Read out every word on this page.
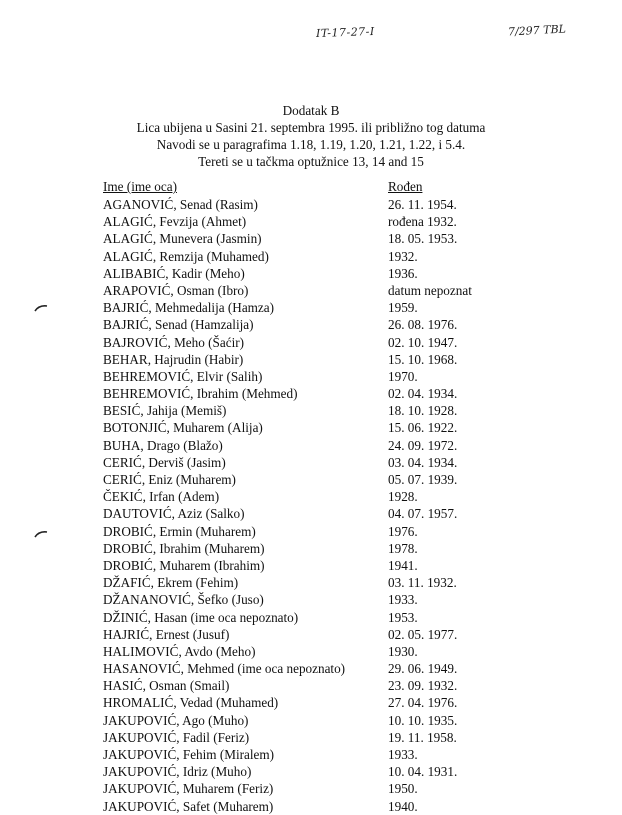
IT-17-27-I	7/297 TBL
Dodatak B
Lica ubijena u Sasini 21. septembra 1995. ili približno tog datuma
Navodi se u paragrafima 1.18, 1.19, 1.20, 1.21, 1.22, i 5.4.
Tereti se u tačkma optužnice 13, 14 and 15
Ime (ime oca)	Rođen
AGANOVIĆ, Senad (Rasim)	26. 11. 1954.
ALAGIĆ, Fevzija (Ahmet)	rođena 1932.
ALAGIĆ, Munevera (Jasmin)	18. 05. 1953.
ALAGIĆ, Remzija (Muhamed)	1932.
ALIBABIĆ, Kadir (Meho)	1936.
ARAPOVIĆ, Osman (Ibro)	datum nepoznat
BAJRIĆ, Mehmedalija (Hamza)	1959.
BAJRIĆ, Senad (Hamzalija)	26. 08. 1976.
BAJROVIĆ, Meho (Šaćir)	02. 10. 1947.
BEHAR, Hajrudin (Habir)	15. 10. 1968.
BEHREMOVIĆ, Elvir (Salih)	1970.
BEHREMOVIĆ, Ibrahim (Mehmed)	02. 04. 1934.
BESIĆ, Jahija (Memiš)	18. 10. 1928.
BOTONJIĆ, Muharem (Alija)	15. 06. 1922.
BUHA, Drago (Blažo)	24. 09. 1972.
CERIĆ, Derviš (Jasim)	03. 04. 1934.
CERIĆ, Eniz (Muharem)	05. 07. 1939.
ČEKIĆ, Irfan (Adem)	1928.
DAUTOVIĆ, Aziz (Salko)	04. 07. 1957.
DROBIĆ, Ermin (Muharem)	1976.
DROBIĆ, Ibrahim (Muharem)	1978.
DROBIĆ, Muharem (Ibrahim)	1941.
DŽAFIĆ, Ekrem (Fehim)	03. 11. 1932.
DŽANANOVIĆ, Šefko (Juso)	1933.
DŽINIĆ, Hasan (ime oca nepoznato)	1953.
HAJRIĆ, Ernest (Jusuf)	02. 05. 1977.
HALIMOVIĆ, Avdo (Meho)	1930.
HASANOVIĆ, Mehmed (ime oca nepoznato)	29. 06. 1949.
HASIĆ, Osman (Smail)	23. 09. 1932.
HROMALIĆ, Vedad (Muhamed)	27. 04. 1976.
JAKUPOVIĆ, Ago (Muho)	10. 10. 1935.
JAKUPOVIĆ, Fadil (Feriz)	19. 11. 1958.
JAKUPOVIĆ, Fehim (Miralem)	1933.
JAKUPOVIĆ, Idriz (Muho)	10. 04. 1931.
JAKUPOVIĆ, Muharem (Feriz)	1950.
JAKUPOVIĆ, Safet (Muharem)	1940.
